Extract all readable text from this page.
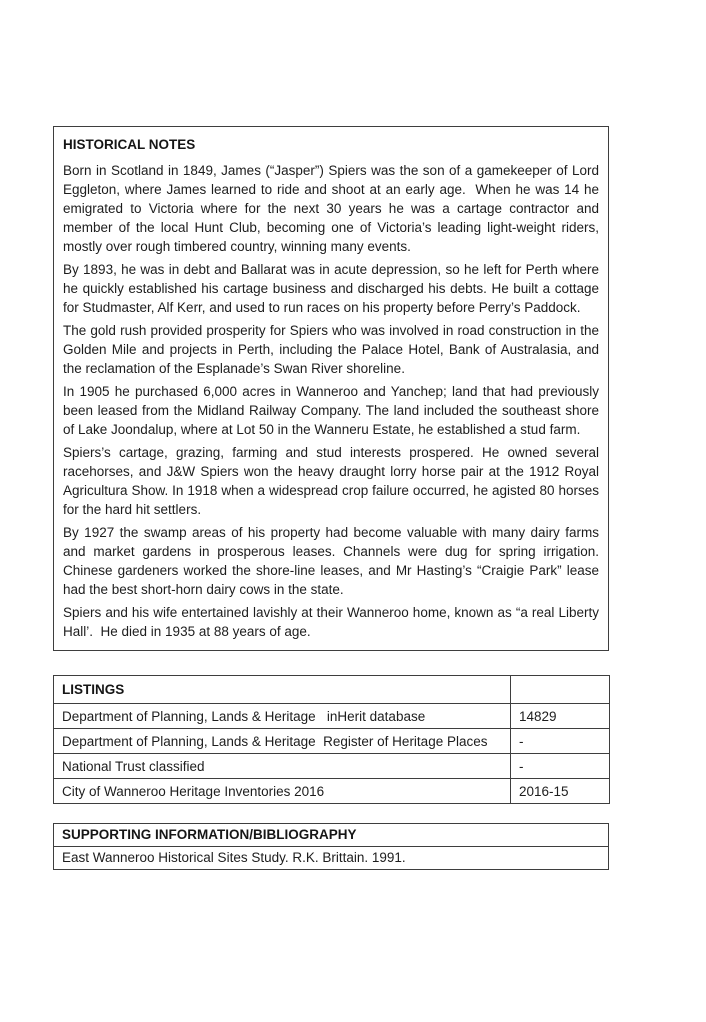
HISTORICAL NOTES

Born in Scotland in 1849, James (“Jasper”) Spiers was the son of a gamekeeper of Lord Eggleton, where James learned to ride and shoot at an early age.  When he was 14 he emigrated to Victoria where for the next 30 years he was a cartage contractor and member of the local Hunt Club, becoming one of Victoria’s leading light-weight riders, mostly over rough timbered country, winning many events.

By 1893, he was in debt and Ballarat was in acute depression, so he left for Perth where he quickly established his cartage business and discharged his debts. He built a cottage for Studmaster, Alf Kerr, and used to run races on his property before Perry’s Paddock.

The gold rush provided prosperity for Spiers who was involved in road construction in the Golden Mile and projects in Perth, including the Palace Hotel, Bank of Australasia, and the reclamation of the Esplanade’s Swan River shoreline.

In 1905 he purchased 6,000 acres in Wanneroo and Yanchep; land that had previously been leased from the Midland Railway Company. The land included the southeast shore of Lake Joondalup, where at Lot 50 in the Wanneru Estate, he established a stud farm.

Spiers’s cartage, grazing, farming and stud interests prospered. He owned several racehorses, and J&W Spiers won the heavy draught lorry horse pair at the 1912 Royal Agricultura Show. In 1918 when a widespread crop failure occurred, he agisted 80 horses for the hard hit settlers.

By 1927 the swamp areas of his property had become valuable with many dairy farms and market gardens in prosperous leases. Channels were dug for spring irrigation. Chinese gardeners worked the shore-line leases, and Mr Hasting’s “Craigie Park” lease had the best short-horn dairy cows in the state.

Spiers and his wife entertained lavishly at their Wanneroo home, known as “a real Liberty Hall’.  He died in 1935 at 88 years of age.

LISTINGS	
Department of Planning, Lands & Heritage   inHerit database	14829
Department of Planning, Lands & Heritage  Register of Heritage Places	-
National Trust classified	-
City of Wanneroo Heritage Inventories 2016	2016-15
SUPPORTING INFORMATION/BIBLIOGRAPHY
East Wanneroo Historical Sites Study. R.K. Brittain. 1991.
